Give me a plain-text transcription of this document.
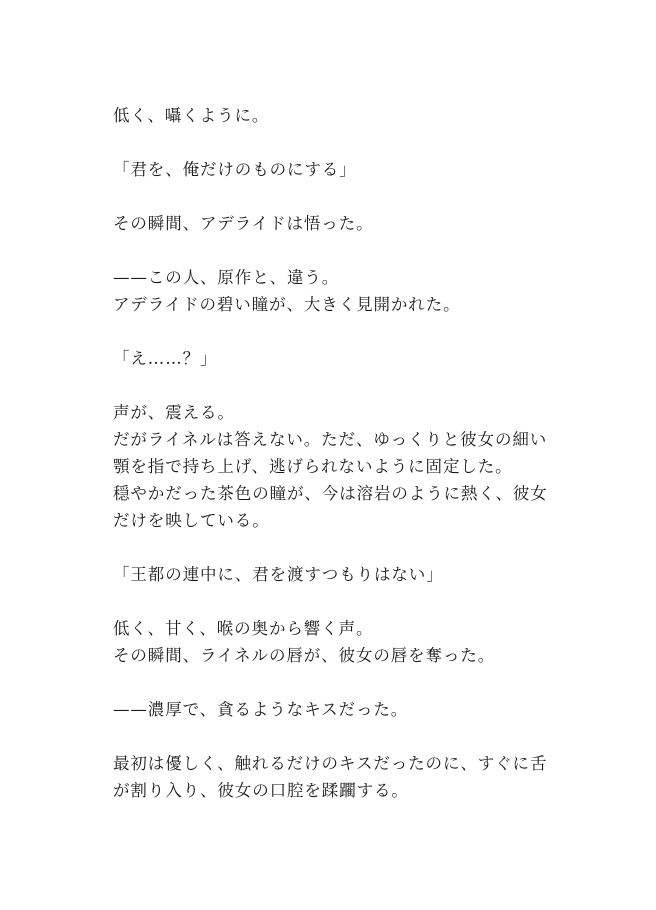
低く、囁くように。
「君を、俺だけのものにする」
その瞬間、アデライドは悟った。
——この人、原作と、違う。
アデライドの碧い瞳が、大きく見開かれた。
「え……？」
声が、震える。
だがライネルは答えない。ただ、ゆっくりと彼女の細い
顎を指で持ち上げ、逃げられないように固定した。
穏やかだった茶色の瞳が、今は溶岩のように熱く、彼女
だけを映している。
「王都の連中に、君を渡すつもりはない」
低く、甘く、喉の奥から響く声。
その瞬間、ライネルの唇が、彼女の唇を奪った。
——濃厚で、貪るようなキスだった。
最初は優しく、触れるだけのキスだったのに、すぐに舌
が割り入り、彼女の口腔を蹂躙する。
